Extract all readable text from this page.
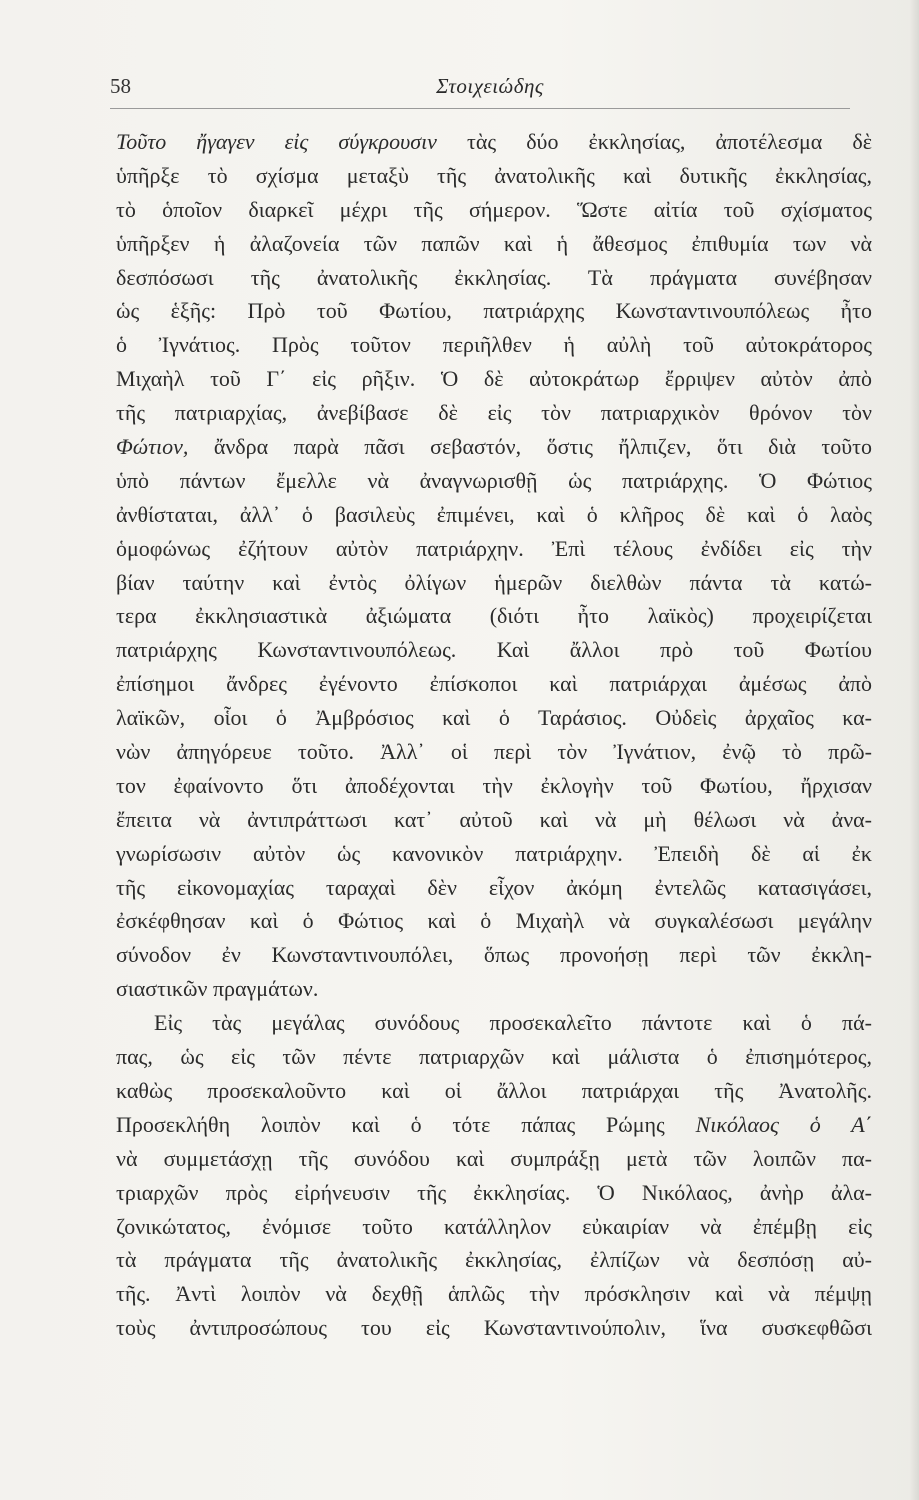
58	Στοιχειώδης
Τοῦτο ἤγαγεν εἰς σύγκρουσιν τὰς δύο ἐκκλησίας, ἀποτέλεσμα δὲ
ὑπῆρξε τὸ σχίσμα μεταξὺ τῆς ἀνατολικῆς καὶ δυτικῆς ἐκκλησίας,
τὸ ὁποῖον διαρκεῖ μέχρι τῆς σήμερον. Ὥστε αἰτία τοῦ σχίσματος
ὑπῆρξεν ἡ ἀλαζονεία τῶν παπῶν καὶ ἡ ἄθεσμος ἐπιθυμία των νὰ
δεσπόσωσι τῆς ἀνατολικῆς ἐκκλησίας. Τὰ πράγματα συνέβησαν
ὡς ἑξῆς: Πρὸ τοῦ Φωτίου, πατριάρχης Κωνσταντινουπόλεως ἦτο
ὁ Ἰγνάτιος. Πρὸς τοῦτον περιῆλθεν ἡ αὐλὴ τοῦ αὐτοκράτορος
Μιχαὴλ τοῦ Γ΄ εἰς ρῆξιν. Ὁ δὲ αὐτοκράτωρ ἔρριψεν αὐτὸν ἀπὸ
τῆς πατριαρχίας, ἀνεβίβασε δὲ εἰς τὸν πατριαρχικὸν θρόνον τὸν
Φώτιον, ἄνδρα παρὰ πᾶσι σεβαστόν, ὅστις ἤλπιζεν, ὅτι διὰ τοῦτο
ὑπὸ πάντων ἔμελλε νὰ ἀναγνωρισθῇ ὡς πατριάρχης. Ὁ Φώτιος
ἀνθίσταται, ἀλλ᾽ ὁ βασιλεὺς ἐπιμένει, καὶ ὁ κλῆρος δὲ καὶ ὁ λαὸς
ὁμοφώνως ἐζήτουν αὐτὸν πατριάρχην. Ἐπὶ τέλους ἐνδίδει εἰς τὴν
βίαν ταύτην καὶ ἐντὸς ὀλίγων ἡμερῶν διελθὼν πάντα τὰ κατώ-
τερα ἐκκλησιαστικὰ ἀξιώματα (διότι ἦτο λαϊκὸς) προχειρίζεται
πατριάρχης Κωνσταντινουπόλεως. Καὶ ἄλλοι πρὸ τοῦ Φωτίου
ἐπίσημοι ἄνδρες ἐγένοντο ἐπίσκοποι καὶ πατριάρχαι ἀμέσως ἀπὸ
λαϊκῶν, οἷοι ὁ Ἀμβρόσιος καὶ ὁ Ταράσιος. Οὐδεὶς ἀρχαῖος κα-
νὼν ἀπηγόρευε τοῦτο. Ἀλλ᾽ οἱ περὶ τὸν Ἰγνάτιον, ἐνῷ τὸ πρῶ-
τον ἐφαίνοντο ὅτι ἀποδέχονται τὴν ἐκλογὴν τοῦ Φωτίου, ἤρχισαν
ἔπειτα νὰ ἀντιπράττωσι κατ᾽ αὐτοῦ καὶ νὰ μὴ θέλωσι νὰ ἀνα-
γνωρίσωσιν αὐτὸν ὡς κανονικὸν πατριάρχην. Ἐπειδὴ δὲ αἱ ἐκ
τῆς εἰκονομαχίας ταραχαὶ δὲν εἶχον ἀκόμη ἐντελῶς κατασιγάσει,
ἐσκέφθησαν καὶ ὁ Φώτιος καὶ ὁ Μιχαὴλ νὰ συγκαλέσωσι μεγάλην
σύνοδον ἐν Κωνσταντινουπόλει, ὅπως προνοήσῃ περὶ τῶν ἐκκλη-
σιαστικῶν πραγμάτων.
Εἰς τὰς μεγάλας συνόδους προσεκαλεῖτο πάντοτε καὶ ὁ πά-
πας, ὡς εἰς τῶν πέντε πατριαρχῶν καὶ μάλιστα ὁ ἐπισημότερος,
καθὼς προσεκαλοῦντο καὶ οἱ ἄλλοι πατριάρχαι τῆς Ἀνατολῆς.
Προσεκλήθη λοιπὸν καὶ ὁ τότε πάπας Ρώμης Νικόλαος ὁ Α΄
νὰ συμμετάσχῃ τῆς συνόδου καὶ συμπράξῃ μετὰ τῶν λοιπῶν πα-
τριαρχῶν πρὸς εἰρήνευσιν τῆς ἐκκλησίας. Ὁ Νικόλαος, ἀνὴρ ἀλα-
ζονικώτατος, ἐνόμισε τοῦτο κατάλληλον εὐκαιρίαν νὰ ἐπέμβῃ εἰς
τὰ πράγματα τῆς ἀνατολικῆς ἐκκλησίας, ἐλπίζων νὰ δεσπόσῃ αὐ-
τῆς. Ἀντὶ λοιπὸν νὰ δεχθῇ ἁπλῶς τὴν πρόσκλησιν καὶ νὰ πέμψῃ
τοὺς ἀντιπροσώπους του εἰς Κωνσταντινούπολιν, ἵνα συσκεφθῶσι
